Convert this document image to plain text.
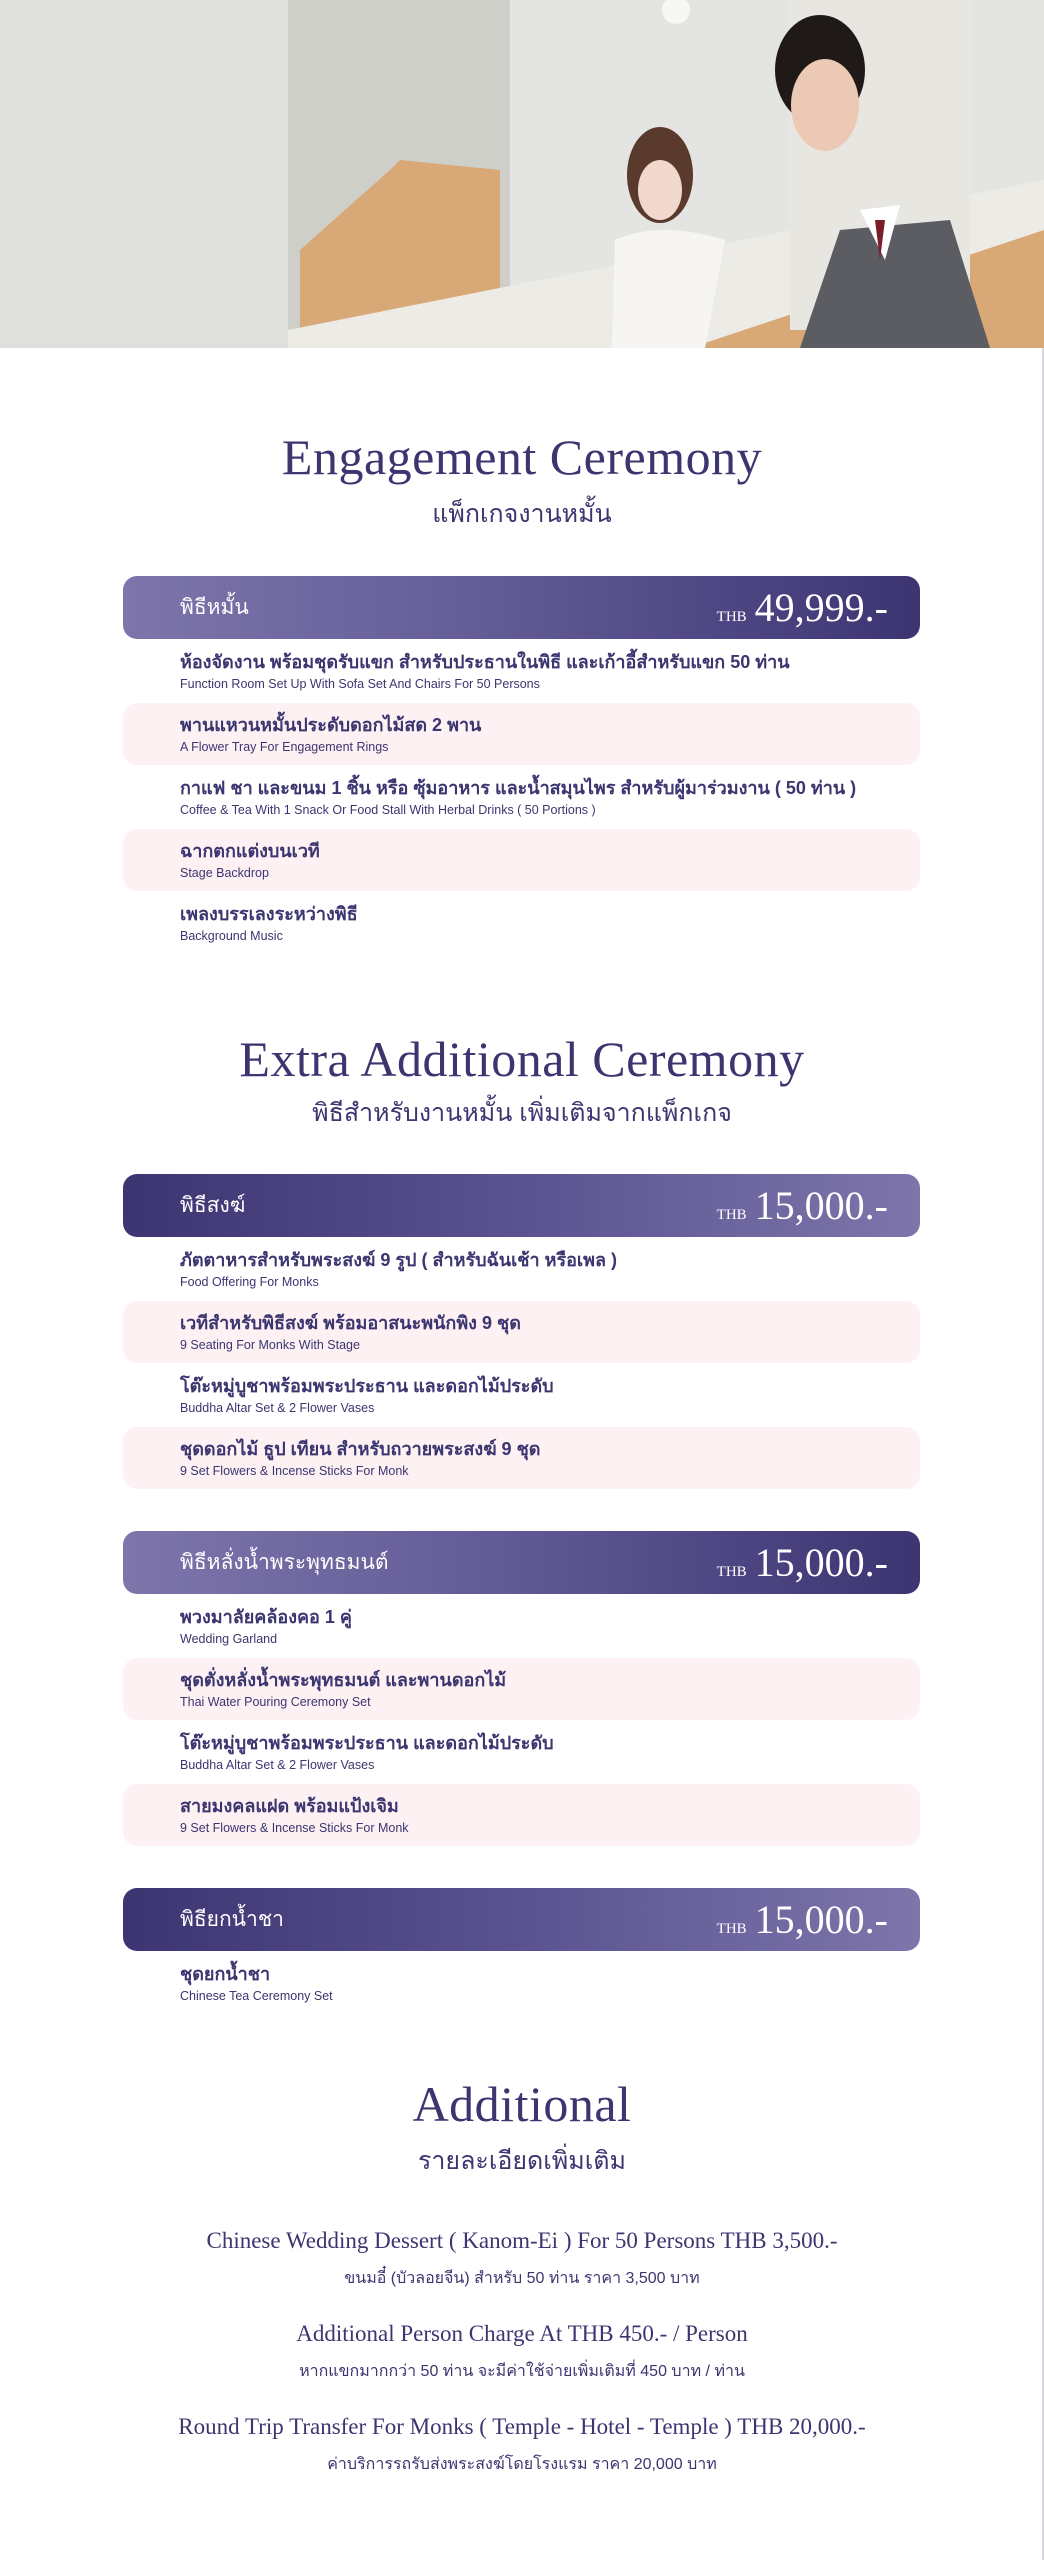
Engagement Ceremony
แพ็กเกจงานหมั้น
พิธีหมั้น	THB 49,999.-
ห้องจัดงาน พร้อมชุดรับแขก สำหรับประธานในพิธี และเก้าอี้สำหรับแขก 50 ท่าน
Function Room Set Up With Sofa Set And Chairs For 50 Persons
พานแหวนหมั้นประดับดอกไม้สด 2 พาน
A Flower Tray For Engagement Rings
กาแฟ ชา และขนม 1 ชิ้น หรือ ซุ้มอาหาร และน้ำสมุนไพร สำหรับผู้มาร่วมงาน ( 50 ท่าน )
Coffee & Tea With 1 Snack Or Food Stall With Herbal Drinks ( 50 Portions )
ฉากตกแต่งบนเวที
Stage Backdrop
เพลงบรรเลงระหว่างพิธี
Background Music
Extra Additional Ceremony
พิธีสำหรับงานหมั้น เพิ่มเติมจากแพ็กเกจ
พิธีสงฆ์	THB 15,000.-
ภัตตาหารสำหรับพระสงฆ์ 9 รูป ( สำหรับฉันเช้า หรือเพล )
Food Offering For Monks
เวทีสำหรับพิธีสงฆ์ พร้อมอาสนะพนักพิง 9 ชุด
9 Seating For Monks With Stage
โต๊ะหมู่บูชาพร้อมพระประธาน และดอกไม้ประดับ
Buddha Altar Set & 2 Flower Vases
ชุดดอกไม้ ธูป เทียน สำหรับถวายพระสงฆ์ 9 ชุด
9 Set Flowers & Incense Sticks For Monk
พิธีหลั่งน้ำพระพุทธมนต์	THB 15,000.-
พวงมาลัยคล้องคอ 1 คู่
Wedding Garland
ชุดตั่งหลั่งน้ำพระพุทธมนต์ และพานดอกไม้
Thai Water Pouring Ceremony Set
โต๊ะหมู่บูชาพร้อมพระประธาน และดอกไม้ประดับ
Buddha Altar Set & 2 Flower Vases
สายมงคลแฝด พร้อมแป้งเจิม
9 Set Flowers & Incense Sticks For Monk
พิธียกน้ำชา	THB 15,000.-
ชุดยกน้ำชา
Chinese Tea Ceremony Set
Additional
รายละเอียดเพิ่มเติม
Chinese Wedding Dessert ( Kanom-Ei ) For 50 Persons THB 3,500.-
ขนมอี๋ (บัวลอยจีน) สำหรับ 50 ท่าน ราคา 3,500 บาท
Additional Person Charge At THB 450.- / Person
หากแขกมากกว่า 50 ท่าน จะมีค่าใช้จ่ายเพิ่มเติมที่ 450 บาท / ท่าน
Round Trip Transfer For Monks ( Temple - Hotel - Temple ) THB 20,000.-
ค่าบริการรถรับส่งพระสงฆ์โดยโรงแรม ราคา 20,000 บาท
